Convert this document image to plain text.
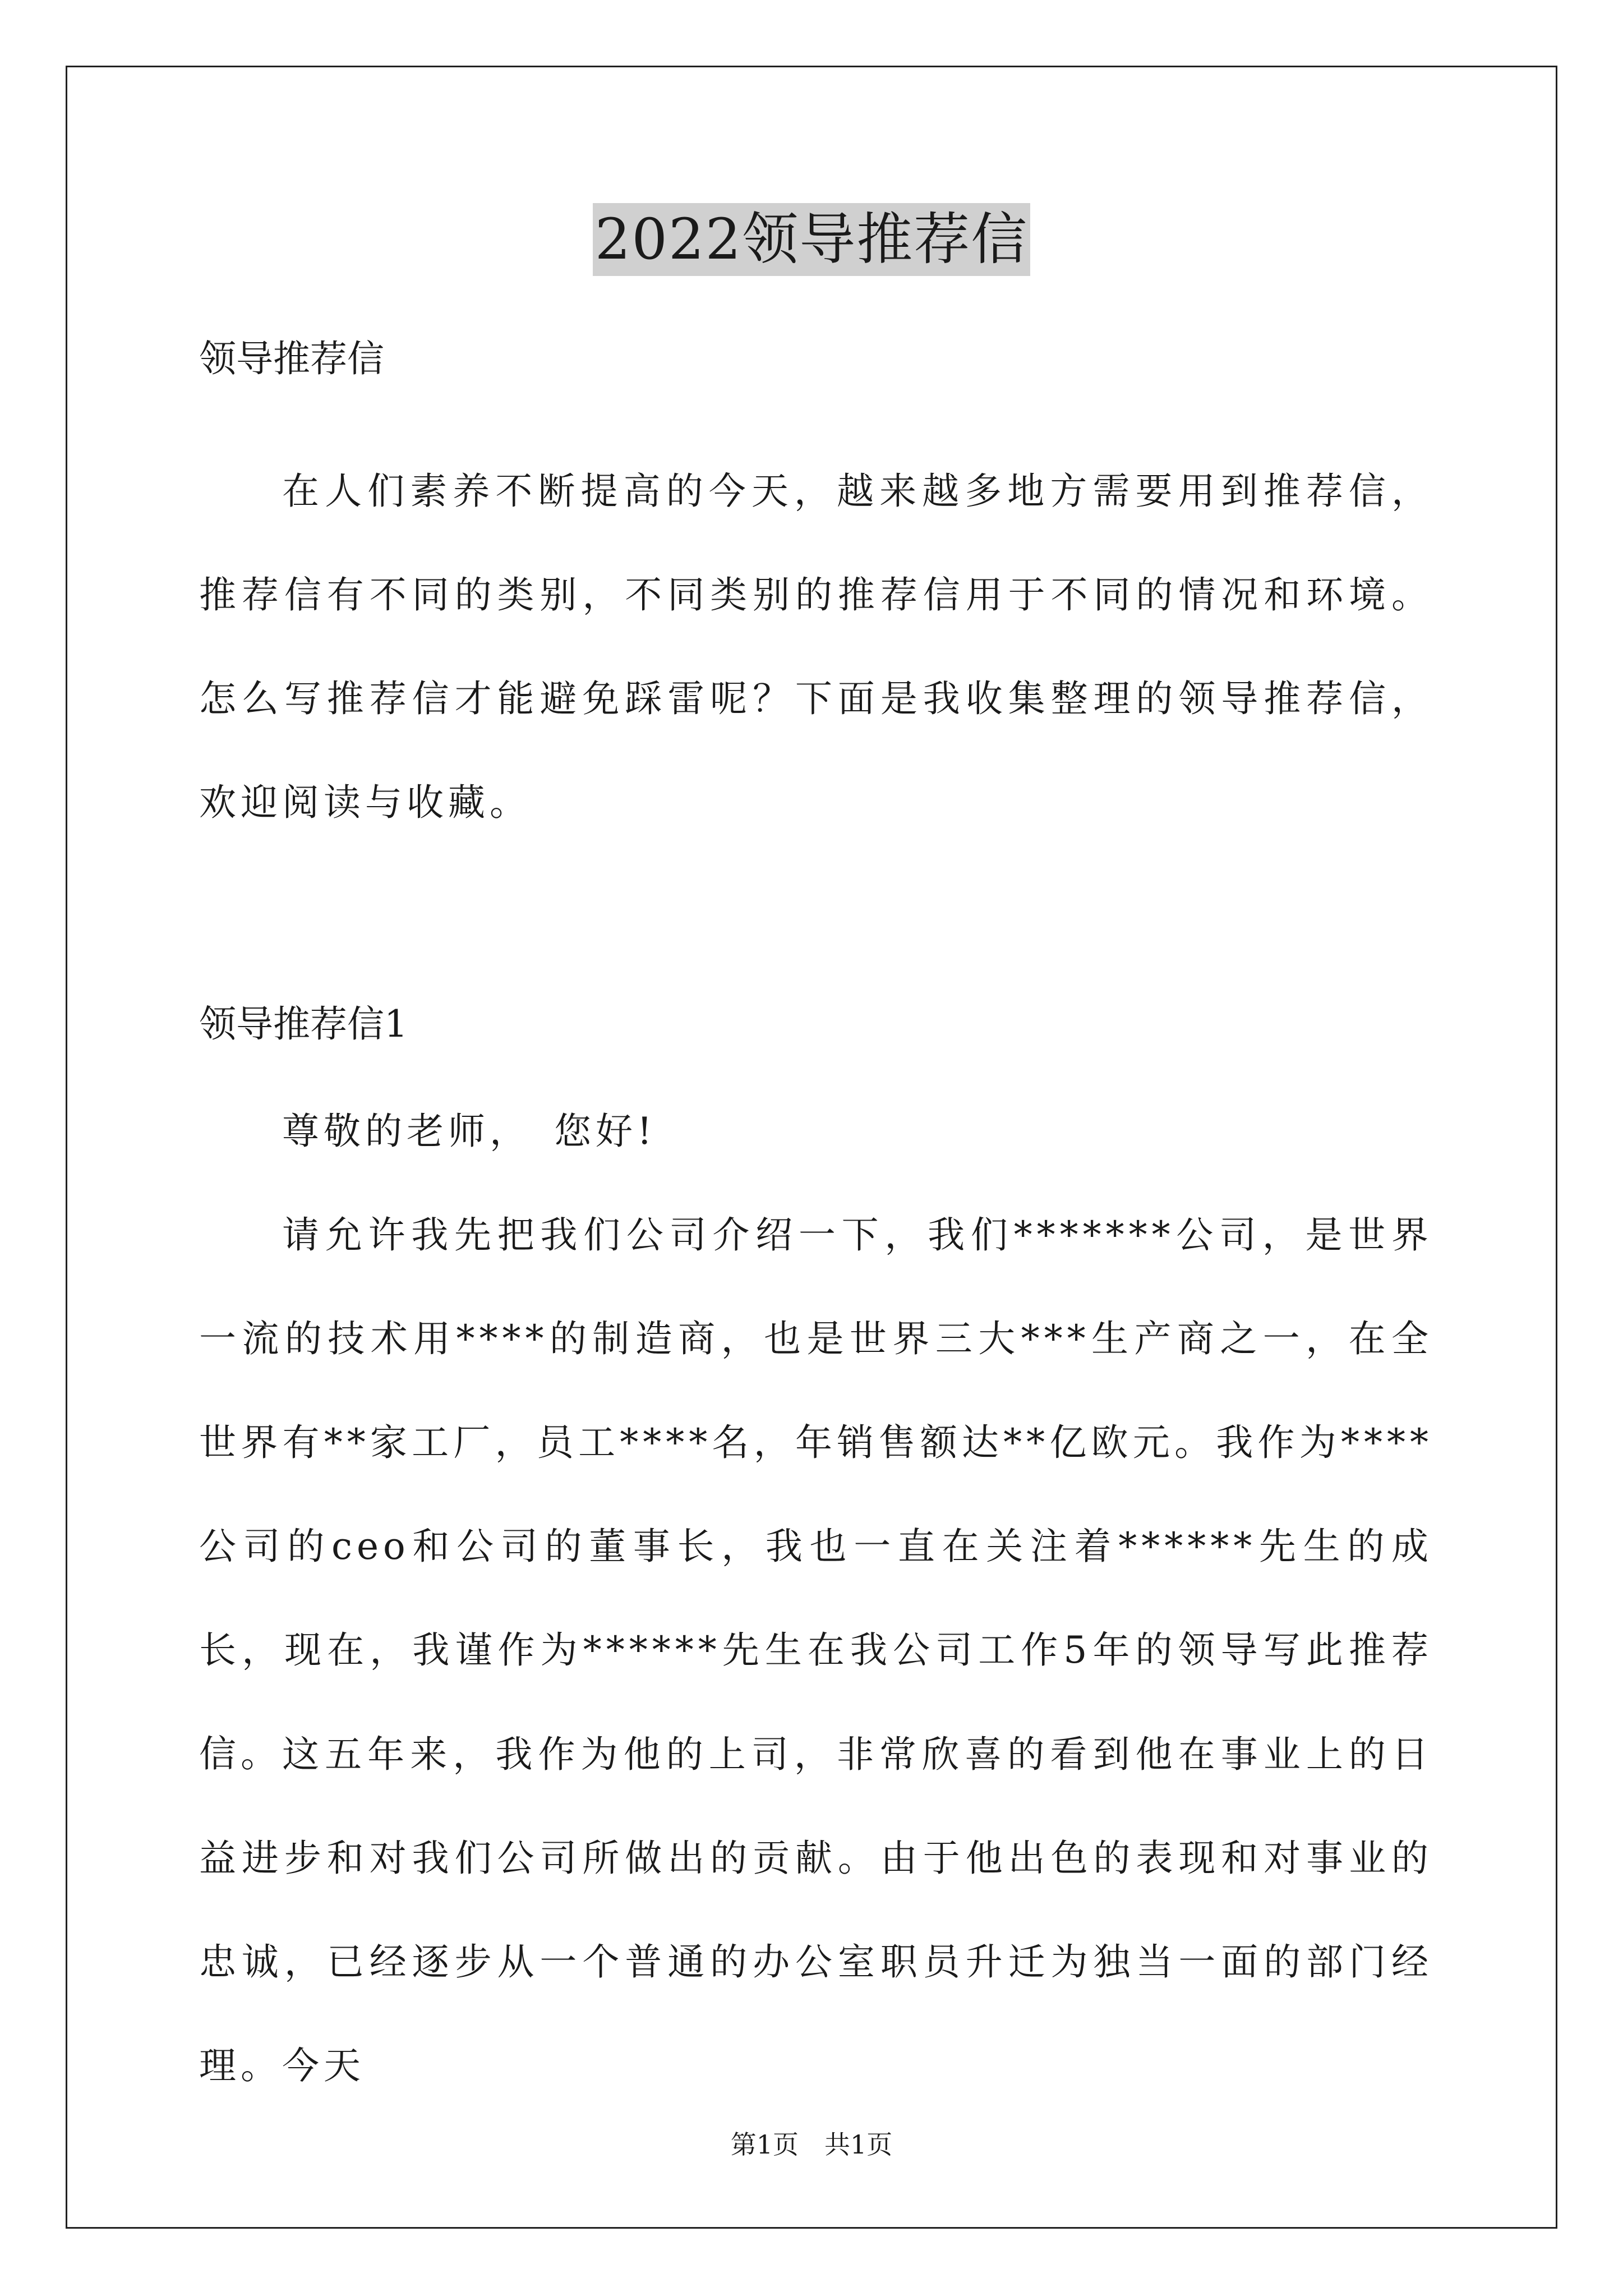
2022领导推荐信
领导推荐信
在人们素养不断提高的今天，越来越多地方需要用到推荐信，推荐信有不同的类别，不同类别的推荐信用于不同的情况和环境。怎么写推荐信才能避免踩雷呢？下面是我收集整理的领导推荐信，欢迎阅读与收藏。
领导推荐信1
尊敬的老师，　您好!
请允许我先把我们公司介绍一下，我们*******公司，是世界一流的技术用****的制造商，也是世界三大***生产商之一，在全世界有**家工厂，员工****名，年销售额达**亿欧元。我作为****公司的ceo和公司的董事长，我也一直在关注着******先生的成长，现在，我谨作为******先生在我公司工作5年的领导写此推荐信。 这五年来，我作为他的上司，非常欣喜的看到他在事业上的日益进步和对我们公司所做出的贡献。由于他出色的表现和对事业的忠诚，已经逐步从一个普通的办公室职员升迁为独当一面的部门经理。今天
第1页　共1页
